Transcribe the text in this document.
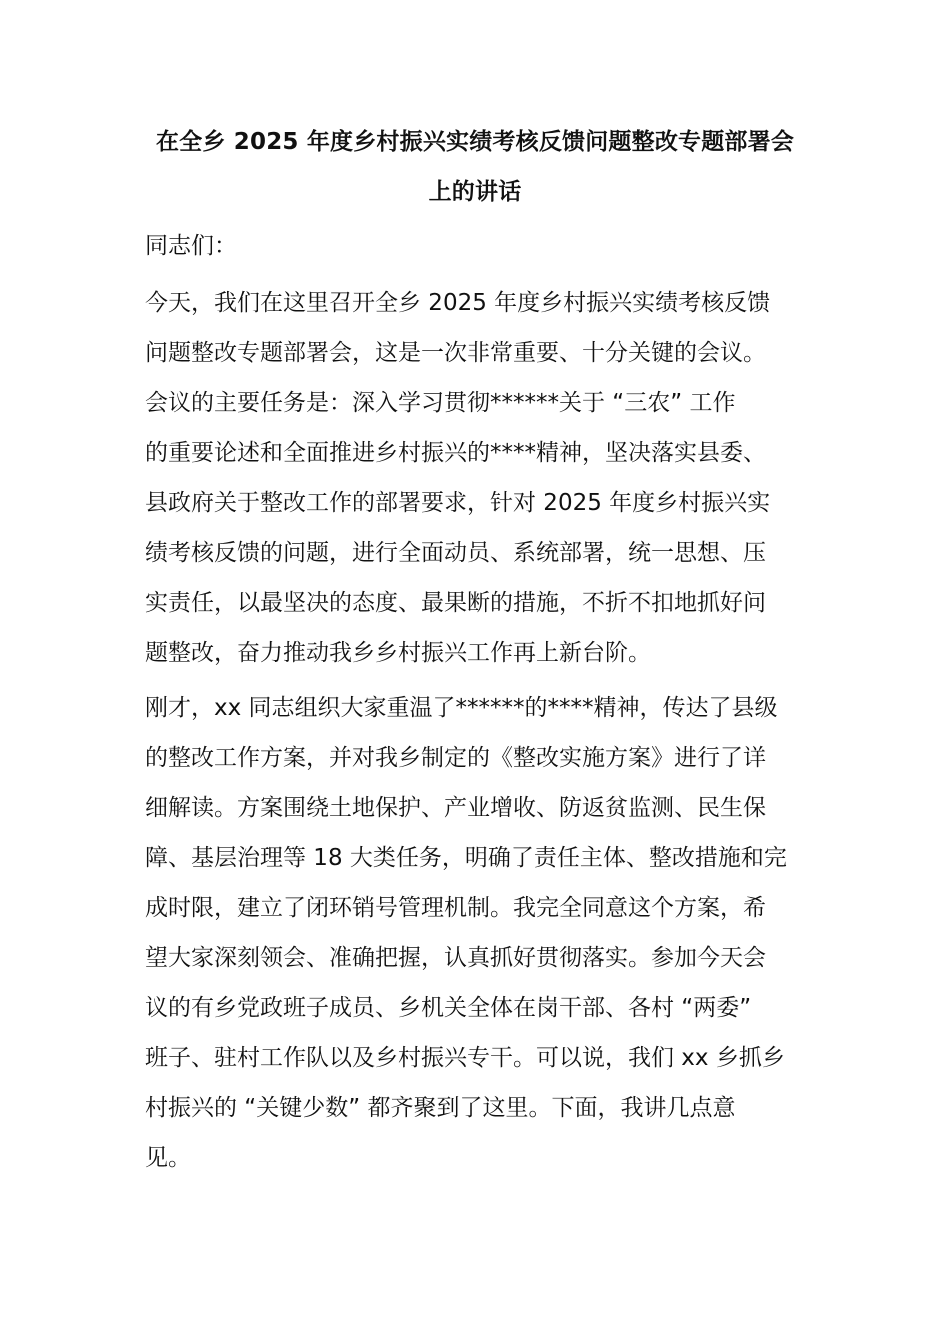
在全乡 2025 年度乡村振兴实绩考核反馈问题整改专题部署会
上的讲话

同志们：

今天，我们在这里召开全乡 2025 年度乡村振兴实绩考核反馈

问题整改专题部署会，这是一次非常重要、十分关键的会议。

会议的主要任务是：深入学习贯彻******关于 “三农” 工作

的重要论述和全面推进乡村振兴的****精神，坚决落实县委、

县政府关于整改工作的部署要求，针对 2025 年度乡村振兴实

绩考核反馈的问题，进行全面动员、系统部署，统一思想、压

实责任，以最坚决的态度、最果断的措施，不折不扣地抓好问

题整改，奋力推动我乡乡村振兴工作再上新台阶。

刚才，xx 同志组织大家重温了******的****精神，传达了县级

的整改工作方案，并对我乡制定的《整改实施方案》进行了详

细解读。方案围绕土地保护、产业增收、防返贫监测、民生保

障、基层治理等 18 大类任务，明确了责任主体、整改措施和完

成时限，建立了闭环销号管理机制。我完全同意这个方案，希

望大家深刻领会、准确把握，认真抓好贯彻落实。参加今天会

议的有乡党政班子成员、乡机关全体在岗干部、各村 “两委”

班子、驻村工作队以及乡村振兴专干。可以说，我们 xx 乡抓乡

村振兴的 “关键少数” 都齐聚到了这里。下面，我讲几点意

见。
